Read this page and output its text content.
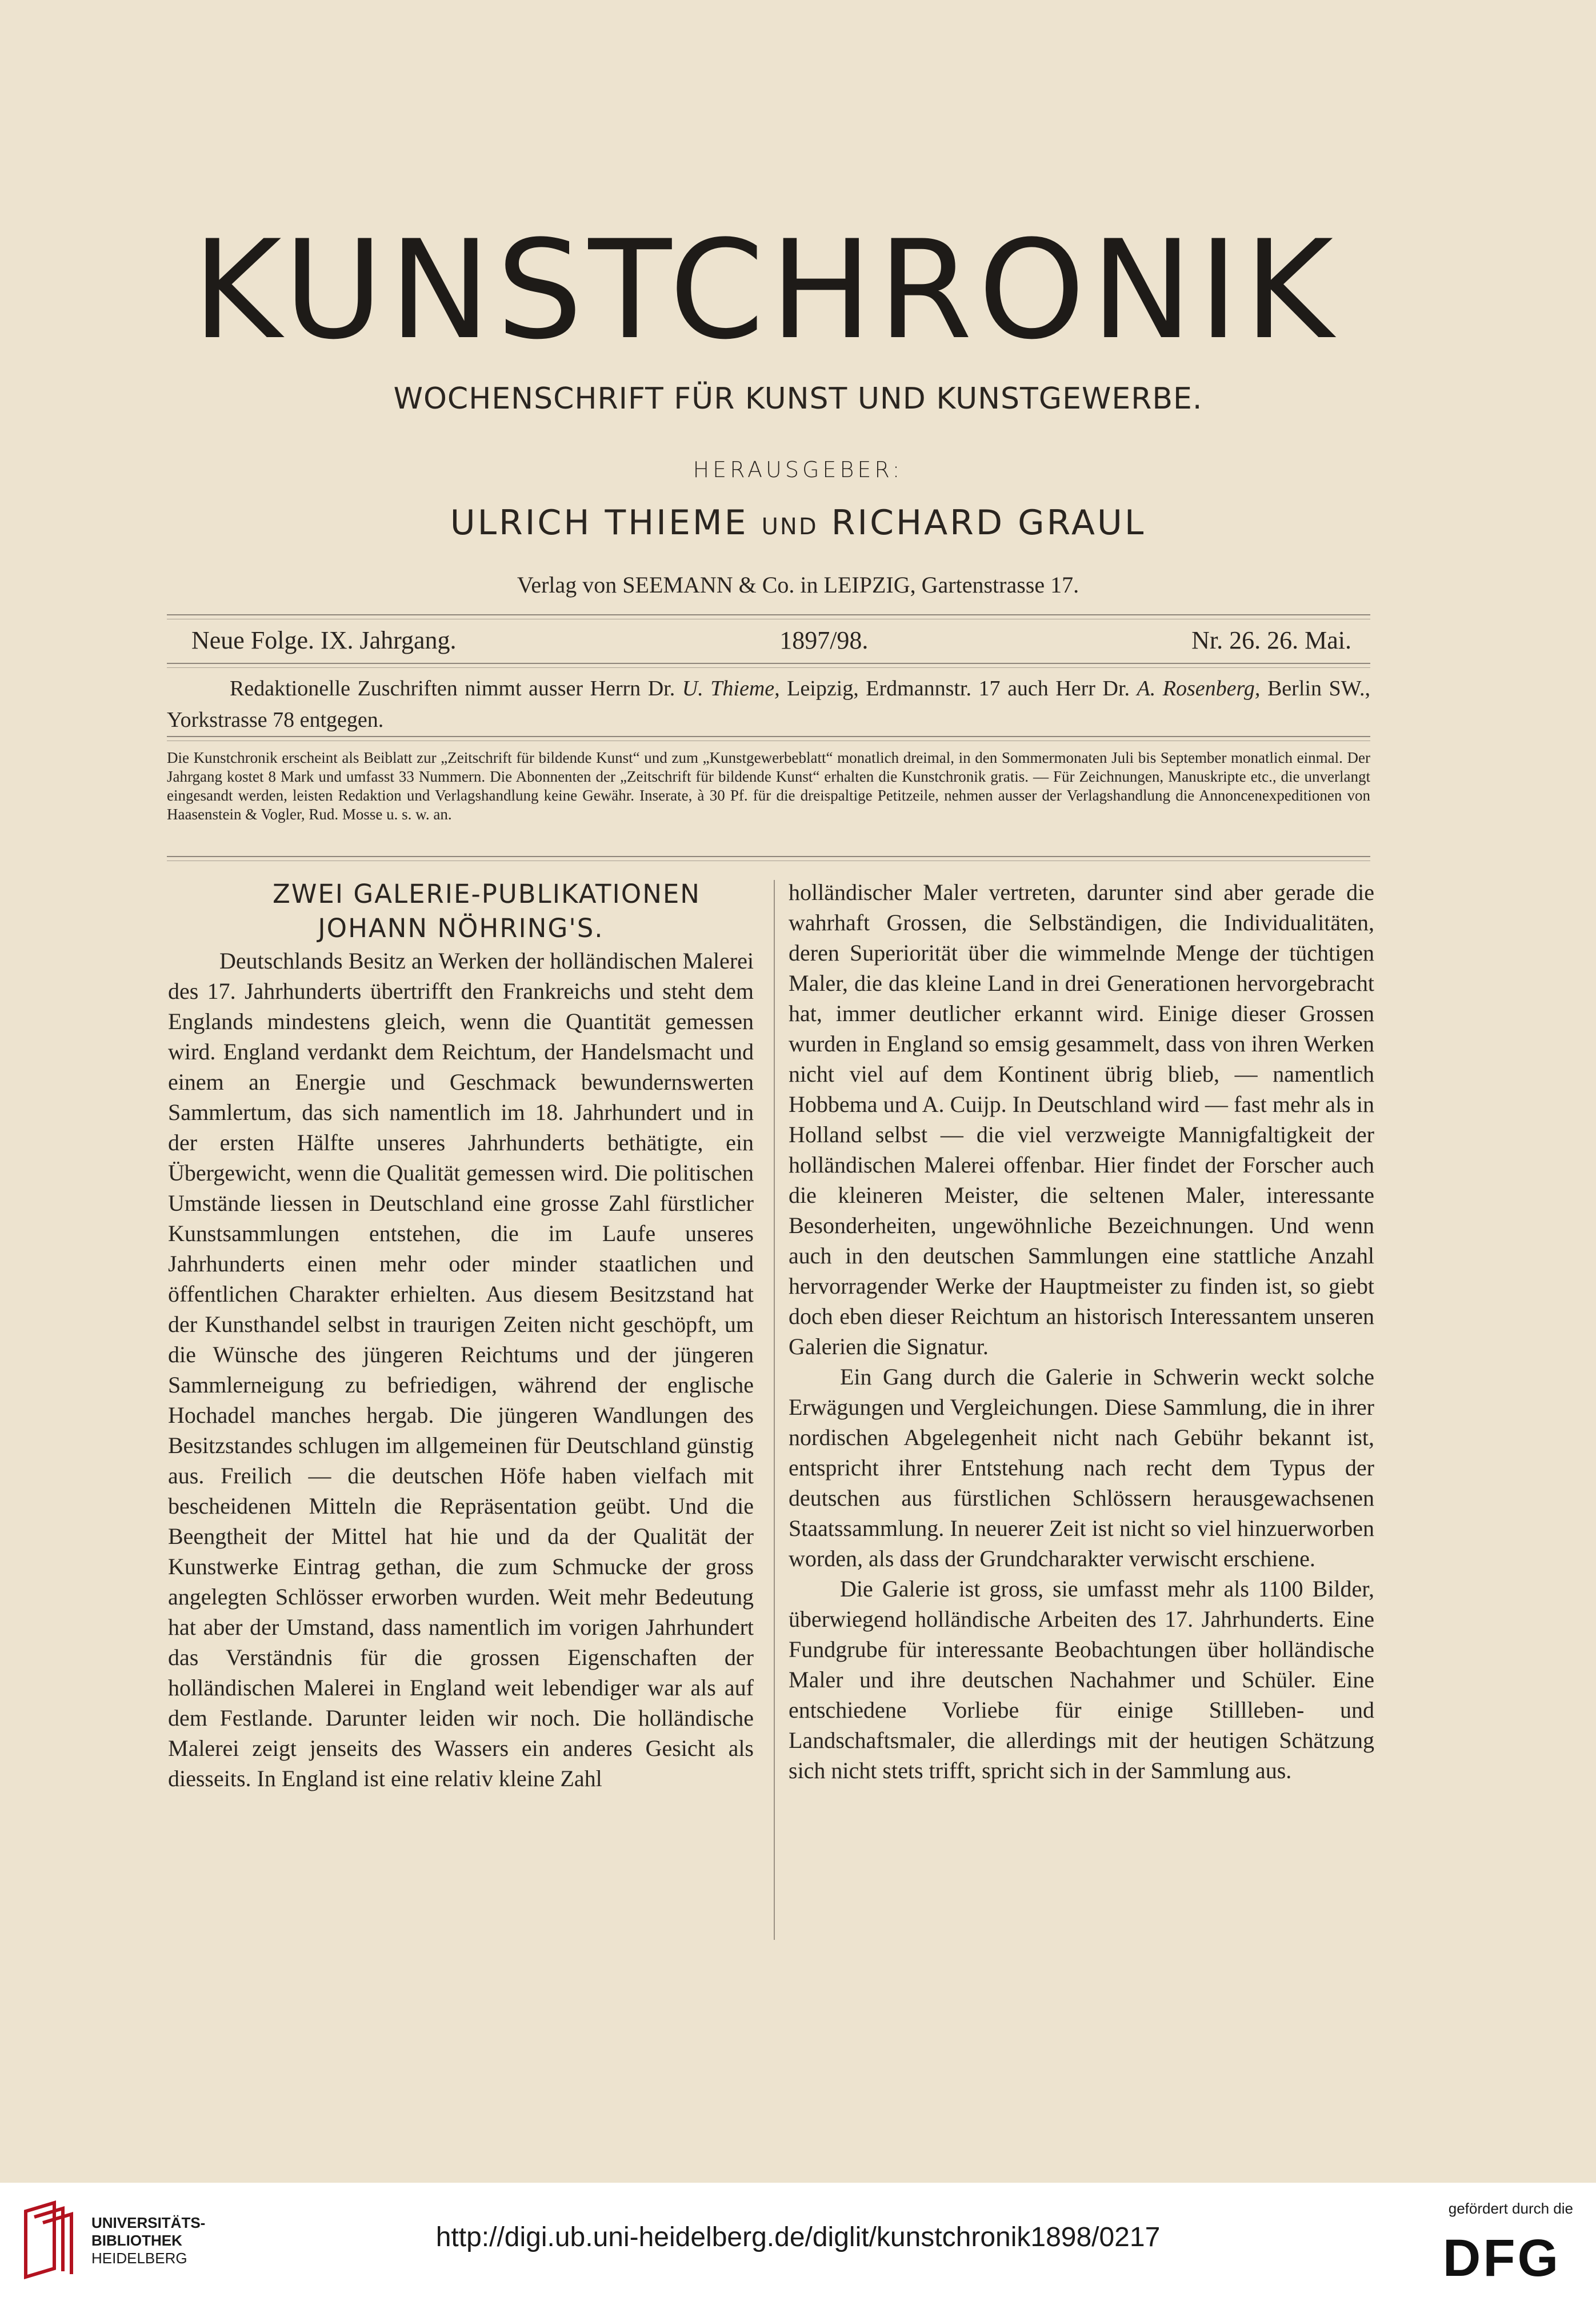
KUNSTCHRONIK
WOCHENSCHRIFT FÜR KUNST UND KUNSTGEWERBE.
HERAUSGEBER:
ULRICH THIEME UND RICHARD GRAUL
Verlag von SEEMANN & Co. in LEIPZIG, Gartenstrasse 17.
Neue Folge. IX. Jahrgang.	1897/98.	Nr. 26. 26. Mai.
Redaktionelle Zuschriften nimmt ausser Herrn Dr. U. Thieme, Leipzig, Erdmannstr. 17 auch Herr Dr. A. Rosenberg, Berlin SW., Yorkstrasse 78 entgegen.
Die Kunstchronik erscheint als Beiblatt zur „Zeitschrift für bildende Kunst“ und zum „Kunstgewerbeblatt“ monatlich dreimal, in den Sommermonaten Juli bis September monatlich einmal. Der Jahrgang kostet 8 Mark und umfasst 33 Nummern. Die Abonnenten der „Zeitschrift für bildende Kunst“ erhalten die Kunstchronik gratis. — Für Zeichnungen, Manuskripte etc., die unverlangt eingesandt werden, leisten Redaktion und Verlagshandlung keine Gewähr. Inserate, à 30 Pf. für die dreispaltige Petitzeile, nehmen ausser der Verlagshandlung die Annoncenexpeditionen von Haasenstein & Vogler, Rud. Mosse u. s. w. an.

ZWEI GALERIE-PUBLIKATIONEN JOHANN NÖHRING'S.

Deutschlands Besitz an Werken der holländischen Malerei des 17. Jahrhunderts übertrifft den Frankreichs und steht dem Englands mindestens gleich, wenn die Quantität gemessen wird. England verdankt dem Reichtum, der Handelsmacht und einem an Energie und Geschmack bewundernswerten Sammlertum, das sich namentlich im 18. Jahrhundert und in der ersten Hälfte unseres Jahrhunderts bethätigte, ein Übergewicht, wenn die Qualität gemessen wird. Die politischen Umstände liessen in Deutschland eine grosse Zahl fürstlicher Kunstsammlungen entstehen, die im Laufe unseres Jahrhunderts einen mehr oder minder staatlichen und öffentlichen Charakter erhielten. Aus diesem Besitzstand hat der Kunsthandel selbst in traurigen Zeiten nicht geschöpft, um die Wünsche des jüngeren Reichtums und der jüngeren Sammlerneigung zu befriedigen, während der englische Hochadel manches hergab. Die jüngeren Wandlungen des Besitzstandes schlugen im allgemeinen für Deutschland günstig aus. Freilich — die deutschen Höfe haben vielfach mit bescheidenen Mitteln die Repräsentation geübt. Und die Beengtheit der Mittel hat hie und da der Qualität der Kunstwerke Eintrag gethan, die zum Schmucke der gross angelegten Schlösser erworben wurden. Weit mehr Bedeutung hat aber der Umstand, dass namentlich im vorigen Jahrhundert das Verständnis für die grossen Eigenschaften der holländischen Malerei in England weit lebendiger war als auf dem Festlande. Darunter leiden wir noch. Die holländische Malerei zeigt jenseits des Wassers ein anderes Gesicht als diesseits. In England ist eine relativ kleine Zahl

holländischer Maler vertreten, darunter sind aber gerade die wahrhaft Grossen, die Selbständigen, die Individualitäten, deren Superiorität über die wimmelnde Menge der tüchtigen Maler, die das kleine Land in drei Generationen hervorgebracht hat, immer deutlicher erkannt wird. Einige dieser Grossen wurden in England so emsig gesammelt, dass von ihren Werken nicht viel auf dem Kontinent übrig blieb, — namentlich Hobbema und A. Cuijp. In Deutschland wird — fast mehr als in Holland selbst — die viel verzweigte Mannigfaltigkeit der holländischen Malerei offenbar. Hier findet der Forscher auch die kleineren Meister, die seltenen Maler, interessante Besonderheiten, ungewöhnliche Bezeichnungen. Und wenn auch in den deutschen Sammlungen eine stattliche Anzahl hervorragender Werke der Hauptmeister zu finden ist, so giebt doch eben dieser Reichtum an historisch Interessantem unseren Galerien die Signatur.

Ein Gang durch die Galerie in Schwerin weckt solche Erwägungen und Vergleichungen. Diese Sammlung, die in ihrer nordischen Abgelegenheit nicht nach Gebühr bekannt ist, entspricht ihrer Entstehung nach recht dem Typus der deutschen aus fürstlichen Schlössern herausgewachsenen Staatssammlung. In neuerer Zeit ist nicht so viel hinzuerworben worden, als dass der Grundcharakter verwischt erschiene.

Die Galerie ist gross, sie umfasst mehr als 1100 Bilder, überwiegend holländische Arbeiten des 17. Jahrhunderts. Eine Fundgrube für interessante Beobachtungen über holländische Maler und ihre deutschen Nachahmer und Schüler. Eine entschiedene Vorliebe für einige Stillleben- und Landschaftsmaler, die allerdings mit der heutigen Schätzung sich nicht stets trifft, spricht sich in der Sammlung aus.

UNIVERSITÄTS-
BIBLIOTHEK
HEIDELBERG
http://digi.ub.uni-heidelberg.de/diglit/kunstchronik1898/0217
gefördert durch die
DFG
